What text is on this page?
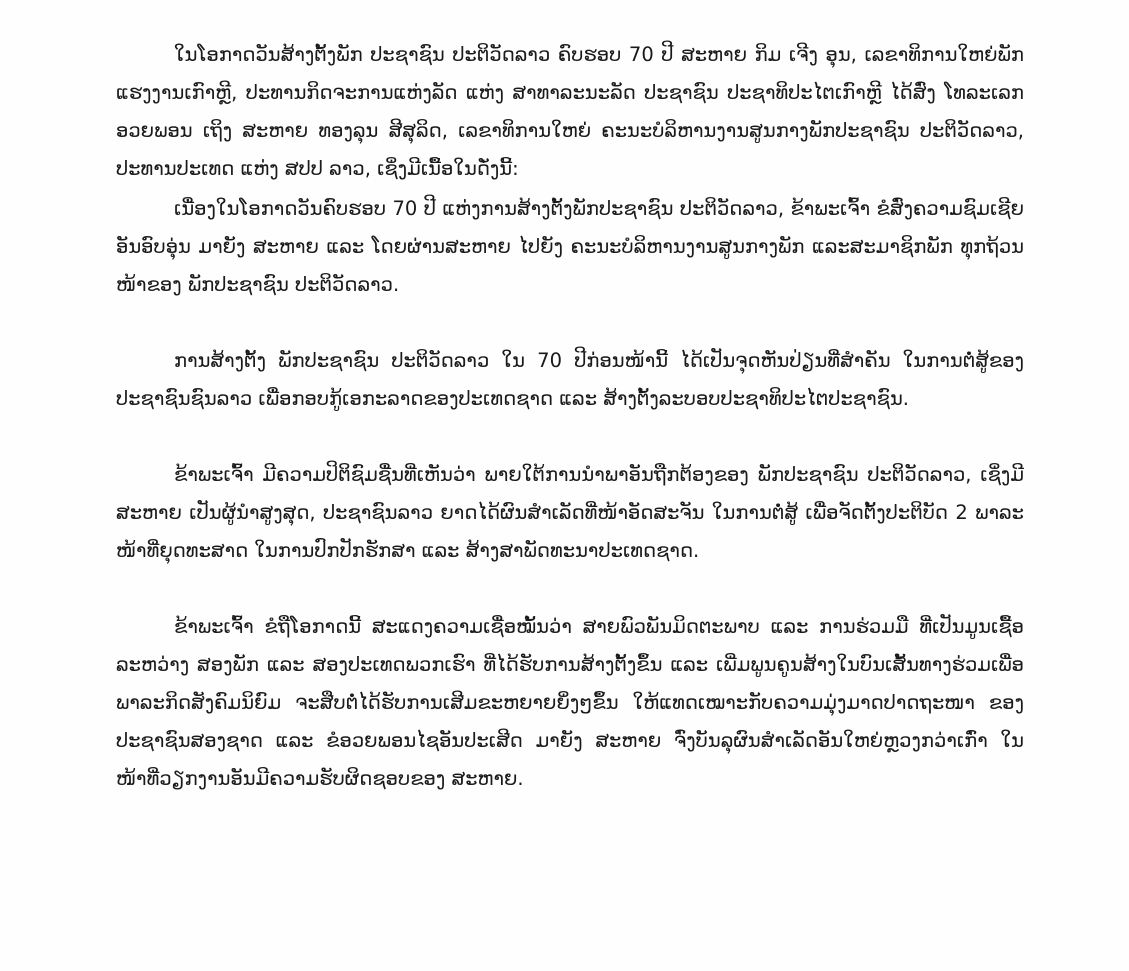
ໃນໂອກາດວັນສ້າງຕັ້ງພັກ ປະຊາຊົນ ປະຕິວັດລາວ ຄົບຮອບ 70 ປີ ສະຫາຍ ກິມ ເຈີງ ອຸນ, ເລຂາທິການໃຫຍ່ພັກແຮງງານເກົາຫຼີ, ປະທານກິດຈະການແຫ່ງລັດ ແຫ່ງ ສາທາລະນະລັດ ປະຊາຊົນ ປະຊາທິປະໄຕເກົາຫຼີ ໄດ້ສົ່ງ ໂທລະເລກອວຍພອນ ເຖິງ ສະຫາຍ ທອງລຸນ ສີສຸລິດ, ເລຂາທິການໃຫຍ່ ຄະນະບໍລິຫານງານສູນກາງພັກປະຊາຊົນ ປະຕິວັດລາວ, ປະທານປະເທດ ແຫ່ງ ສປປ ລາວ, ເຊິ່ງມີເນື້ອໃນດັ່ງນີ້:

ເນື່ອງໃນໂອກາດວັນຄົບຮອບ 70 ປີ ແຫ່ງການສ້າງຕັ້ງພັກປະຊາຊົນ ປະຕິວັດລາວ, ຂ້າພະເຈົ້າ ຂໍສົ່ງຄວາມຊົມເຊີຍອັນອົບອຸ່ນ ມາຍັງ ສະຫາຍ ແລະ ໂດຍຜ່ານສະຫາຍ ໄປຍັງ ຄະນະບໍລິຫານງານສູນກາງພັກ ແລະສະມາຊິກພັກ ທຸກຖ້ວນໜ້າຂອງ ພັກປະຊາຊົນ ປະຕິວັດລາວ.

ການສ້າງຕັ້ງ ພັກປະຊາຊົນ ປະຕິວັດລາວ ໃນ 70 ປີກ່ອນໜ້ານີ້ ໄດ້ເປັນຈຸດຫັນປ່ຽນທີ່ສຳຄັນ ໃນການຕໍ່ສູ້ຂອງປະຊາຊົນຊົນລາວ ເພື່ອກອບກູ້ເອກະລາດຂອງປະເທດຊາດ ແລະ ສ້າງຕັ້ງລະບອບປະຊາທິປະໄຕປະຊາຊົນ.

ຂ້າພະເຈົ້າ ມີຄວາມປິຕິຊົມຊື່ນທີ່ເຫັນວ່າ ພາຍໃຕ້ການນຳພາອັນຖືກຕ້ອງຂອງ ພັກປະຊາຊົນ ປະຕິວັດລາວ, ເຊິ່ງມີ ສະຫາຍ ເປັນຜູ້ນຳສູງສຸດ, ປະຊາຊົນລາວ ຍາດໄດ້ຜົນສຳເລັດທີ່ໜ້າອັດສະຈັນ ໃນການຕໍ່ສູ້ ເພື່ອຈັດຕັ້ງປະຕິບັດ 2 ພາລະໜ້າທີ່ຍຸດທະສາດ ໃນການປົກປັກຮັກສາ ແລະ ສ້າງສາພັດທະນາປະເທດຊາດ.

ຂ້າພະເຈົ້າ ຂໍຖືໂອກາດນີ້ ສະແດງຄວາມເຊື່ອໝັ້ນວ່າ ສາຍພົວພັນມິດຕະພາບ ແລະ ການຮ່ວມມື ທີ່ເປັນມູນເຊື້ອ ລະຫວ່າງ ສອງພັກ ແລະ ສອງປະເທດພວກເຮົາ ທີ່ໄດ້ຮັບການສ້າງຕັ້ງຂຶ້ນ ແລະ ເພີ່ມພູນຄູນສ້າງໃນບົນເສັ້ນທາງຮ່ວມເພື່ອພາລະກິດສັງຄົມນິຍົມ ຈະສືບຕໍ່ໄດ້ຮັບການເສີມຂະຫຍາຍຍິ່ງໆຂຶ້ນ ໃຫ້ແທດເໝາະກັບຄວາມມຸ່ງມາດປາດຖະໜາ ຂອງປະຊາຊົນສອງຊາດ ແລະ ຂໍອວຍພອນໄຊອັນປະເສີດ ມາຍັງ ສະຫາຍ ຈົ່ງບັນລຸຜົນສຳເລັດອັນໃຫຍ່ຫຼວງກວ່າເກົ່າ ໃນໜ້າທີ່ວຽກງານອັນມີຄວາມຮັບຜິດຊອບຂອງ ສະຫາຍ.
